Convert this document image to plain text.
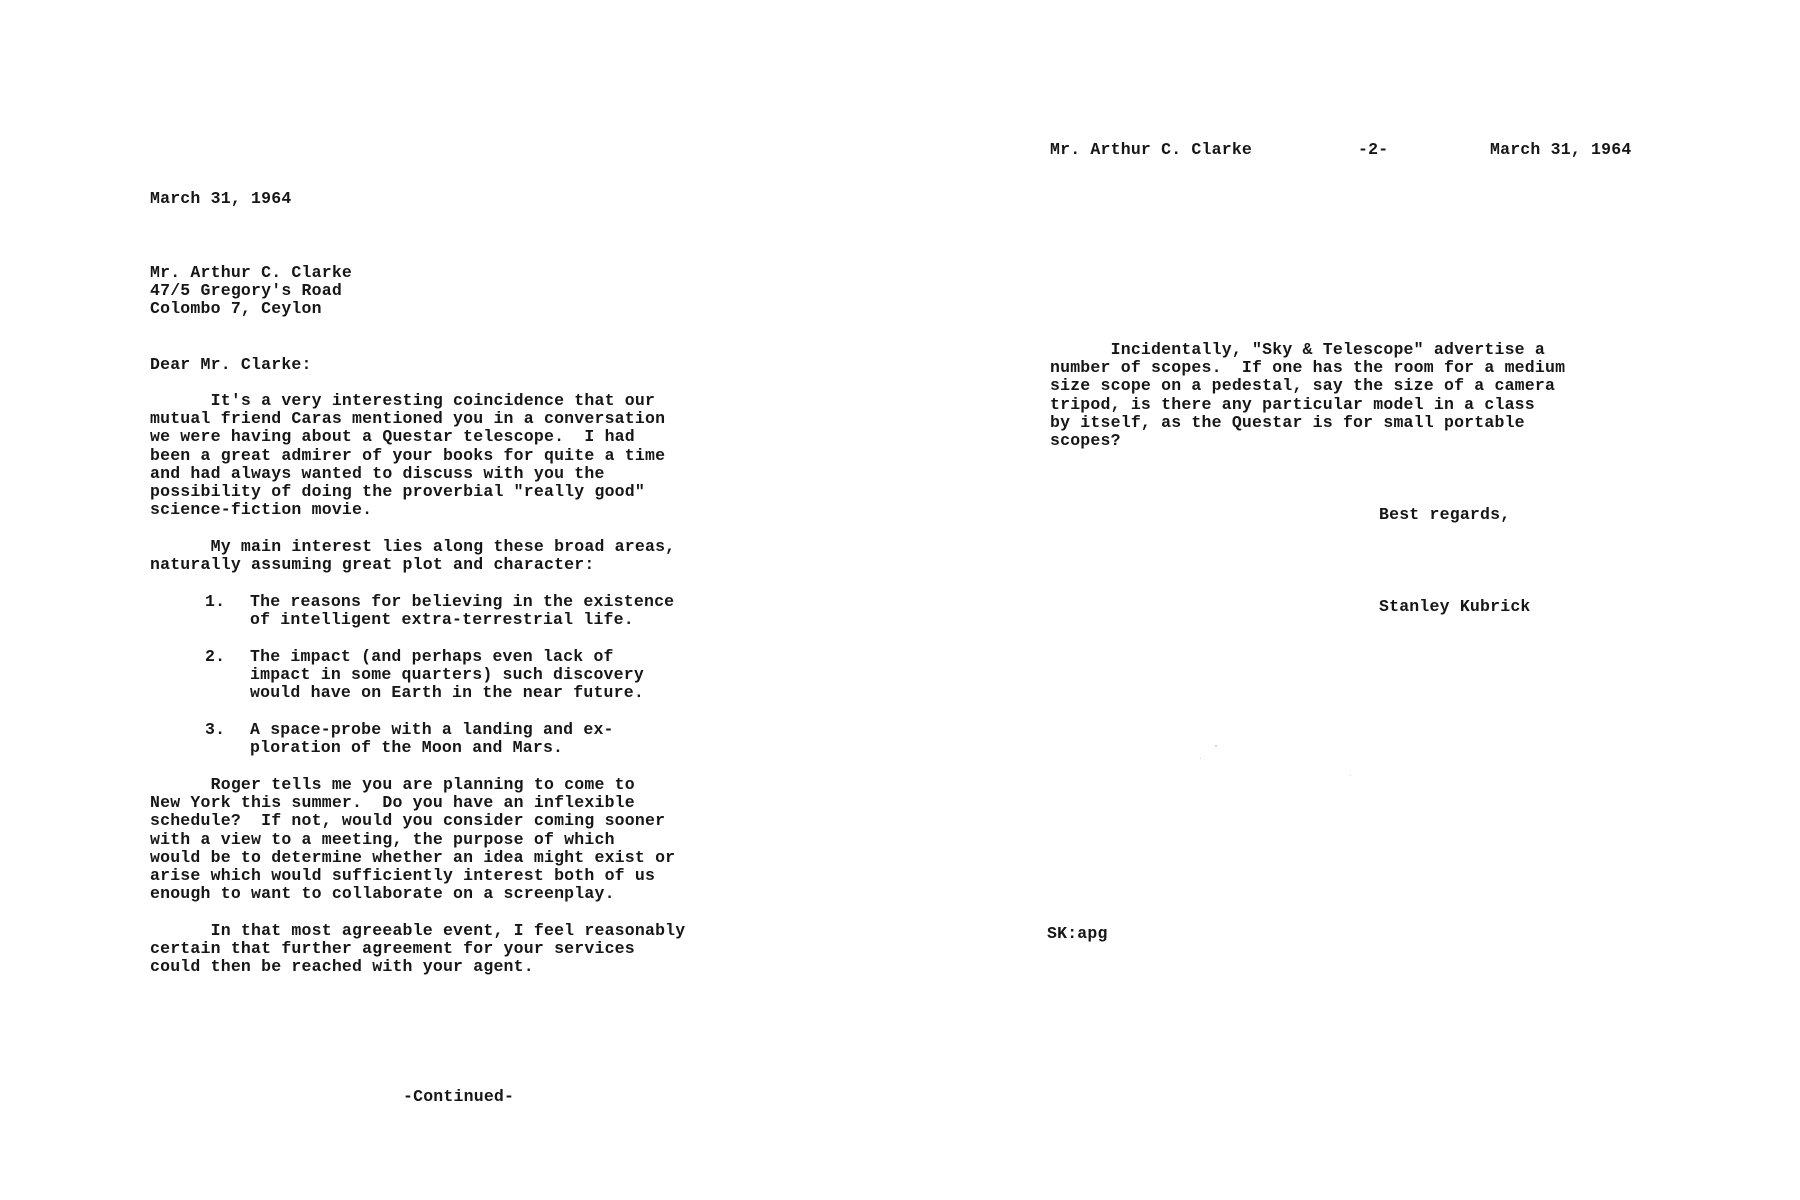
March 31, 1964
Mr. Arthur C. Clarke
47/5 Gregory's Road
Colombo 7, Ceylon
Dear Mr. Clarke:
It's a very interesting coincidence that our
mutual friend Caras mentioned you in a conversation
we were having about a Questar telescope.  I had
been a great admirer of your books for quite a time
and had always wanted to discuss with you the
possibility of doing the proverbial "really good"
science-fiction movie.
My main interest lies along these broad areas,
naturally assuming great plot and character:
1. The reasons for believing in the existence
of intelligent extra-terrestrial life.
2. The impact (and perhaps even lack of
impact in some quarters) such discovery
would have on Earth in the near future.
3. A space-probe with a landing and ex-
ploration of the Moon and Mars.
Roger tells me you are planning to come to
New York this summer.  Do you have an inflexible
schedule?  If not, would you consider coming sooner
with a view to a meeting, the purpose of which
would be to determine whether an idea might exist or
arise which would sufficiently interest both of us
enough to want to collaborate on a screenplay.
In that most agreeable event, I feel reasonably
certain that further agreement for your services
could then be reached with your agent.
-Continued-
Mr. Arthur C. Clarke	-2-	March 31, 1964
Incidentally, "Sky & Telescope" advertise a
number of scopes.  If one has the room for a medium
size scope on a pedestal, say the size of a camera
tripod, is there any particular model in a class
by itself, as the Questar is for small portable
scopes?
Best regards,
Stanley Kubrick
SK:apg
